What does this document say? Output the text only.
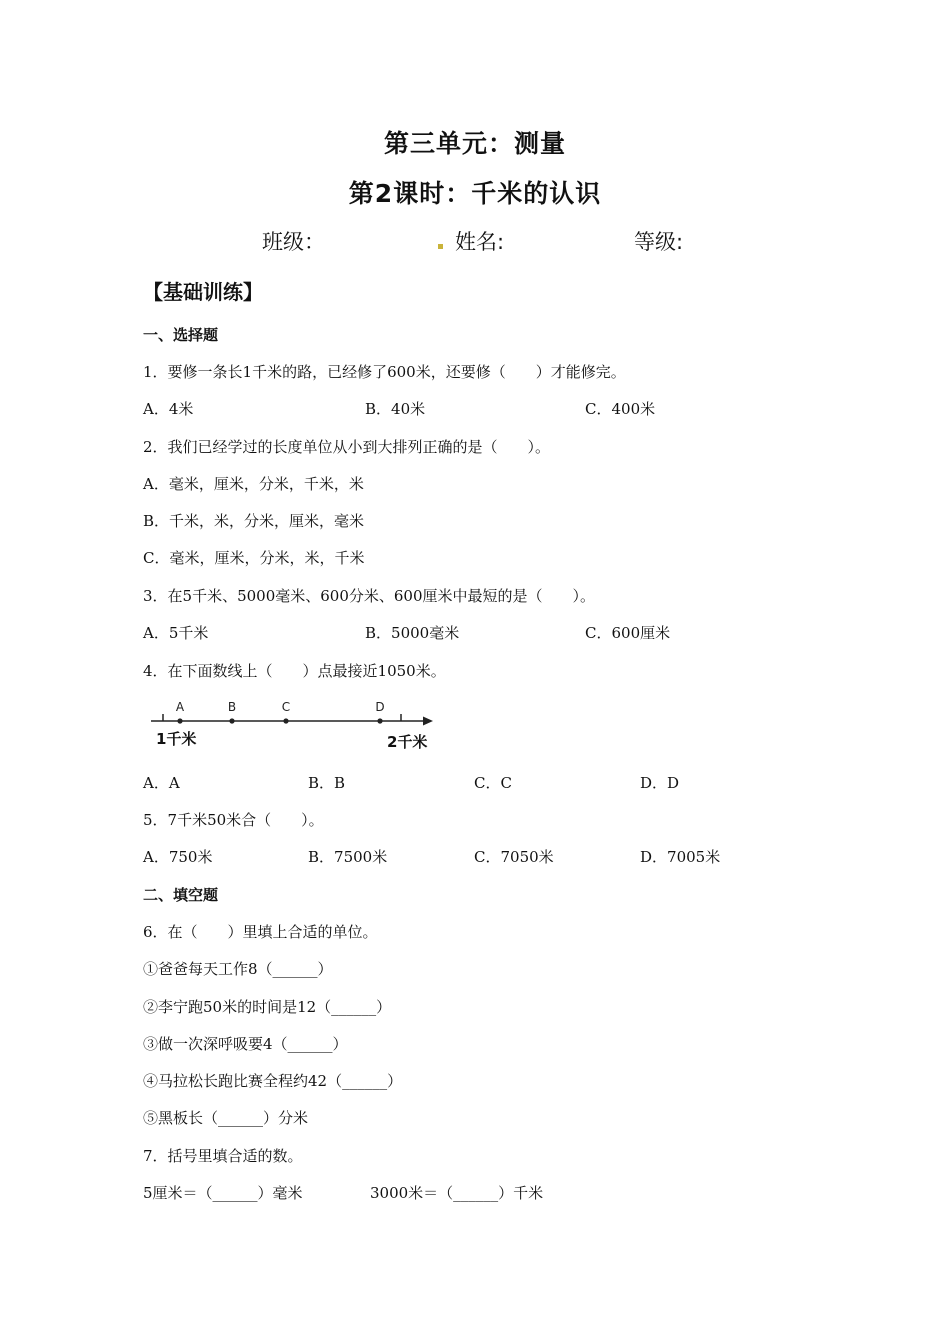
第三单元：测量
第2课时：千米的认识
班级：	姓名:	等级:
【基础训练】
一、选择题
1．要修一条长1千米的路，已经修了600米，还要修（　　）才能修完。
A．4米	B．40米	C．400米
2．我们已经学过的长度单位从小到大排列正确的是（　　）。
A．毫米，厘米，分米，千米，米
B．千米，米，分米，厘米，毫米
C．毫米，厘米，分米，米，千米
3．在5千米、5000毫米、600分米、600厘米中最短的是（　　）。
A．5千米	B．5000毫米	C．600厘米
4．在下面数线上（　　）点最接近1050米。
A	B	C	D
1千米	2千米
A．A	B．B	C．C	D．D
5．7千米50米合（　　）。
A．750米	B．7500米	C．7050米	D．7005米
二、填空题
6．在（　　）里填上合适的单位。
①爸爸每天工作8（______）
②李宁跑50米的时间是12（______）
③做一次深呼吸要4（______）
④马拉松长跑比赛全程约42（______）
⑤黑板长（______）分米
7．括号里填合适的数。
5厘米＝（______）毫米	3000米＝（______）千米
